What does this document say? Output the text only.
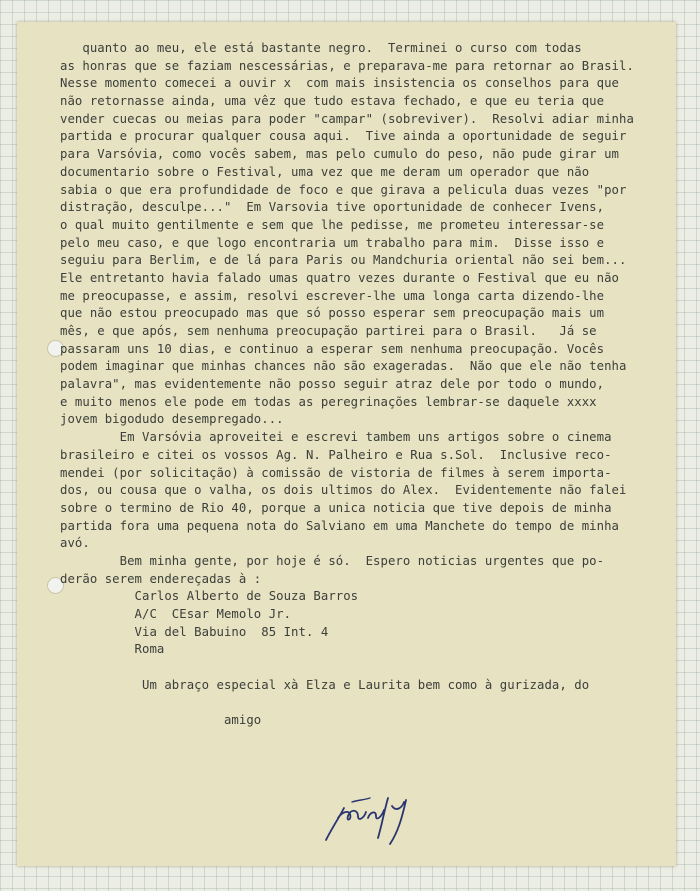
quanto ao meu, ele está bastante negro.  Terminei o curso com todas
as honras que se faziam nescessárias, e preparava-me para retornar ao Brasil.
Nesse momento comecei a ouvir x  com mais insistencia os conselhos para que
não retornasse ainda, uma vêz que tudo estava fechado, e que eu teria que
vender cuecas ou meias para poder "campar" (sobreviver).  Resolvi adiar minha
partida e procurar qualquer cousa aqui.  Tive ainda a oportunidade de seguir
para Varsóvia, como vocês sabem, mas pelo cumulo do peso, não pude girar um
documentario sobre o Festival, uma vez que me deram um operador que não
sabia o que era profundidade de foco e que girava a pelicula duas vezes "por
distração, desculpe..."  Em Varsovia tive oportunidade de conhecer Ivens,
o qual muito gentilmente e sem que lhe pedisse, me prometeu interessar-se
pelo meu caso, e que logo encontraria um trabalho para mim.  Disse isso e
seguiu para Berlim, e de lá para Paris ou Mandchuria oriental não sei bem...
Ele entretanto havia falado umas quatro vezes durante o Festival que eu não
me preocupasse, e assim, resolvi escrever-lhe uma longa carta dizendo-lhe
que não estou preocupado mas que só posso esperar sem preocupação mais um
mês, e que após, sem nenhuma preocupação partirei para o Brasil.   Já se
passaram uns 10 dias, e continuo a esperar sem nenhuma preocupação. Vocês
podem imaginar que minhas chances não são exageradas.  Não que ele não tenha
palavra", mas evidentemente não posso seguir atraz dele por todo o mundo,
e muito menos ele pode em todas as peregrinações lembrar-se daquele xxxx
jovem bigodudo desempregado...
Em Varsóvia aproveitei e escrevi tambem uns artigos sobre o cinema
brasileiro e citei os vossos Ag. N. Palheiro e Rua s.Sol.  Inclusive reco-
mendei (por solicitação) à comissão de vistoria de filmes à serem importa-
dos, ou cousa que o valha, os dois ultimos do Alex.  Evidentemente não falei
sobre o termino de Rio 40, porque a unica noticia que tive depois de minha
partida fora uma pequena nota do Salviano em uma Manchete do tempo de minha
avó.
Bem minha gente, por hoje é só.  Espero noticias urgentes que po-
derão serem endereçadas à :
Carlos Alberto de Souza Barros
A/C  CEsar Memolo Jr.
Via del Babuino  85 Int. 4
Roma
Um abraço especial xà Elza e Laurita bem como à gurizada, do
amigo
